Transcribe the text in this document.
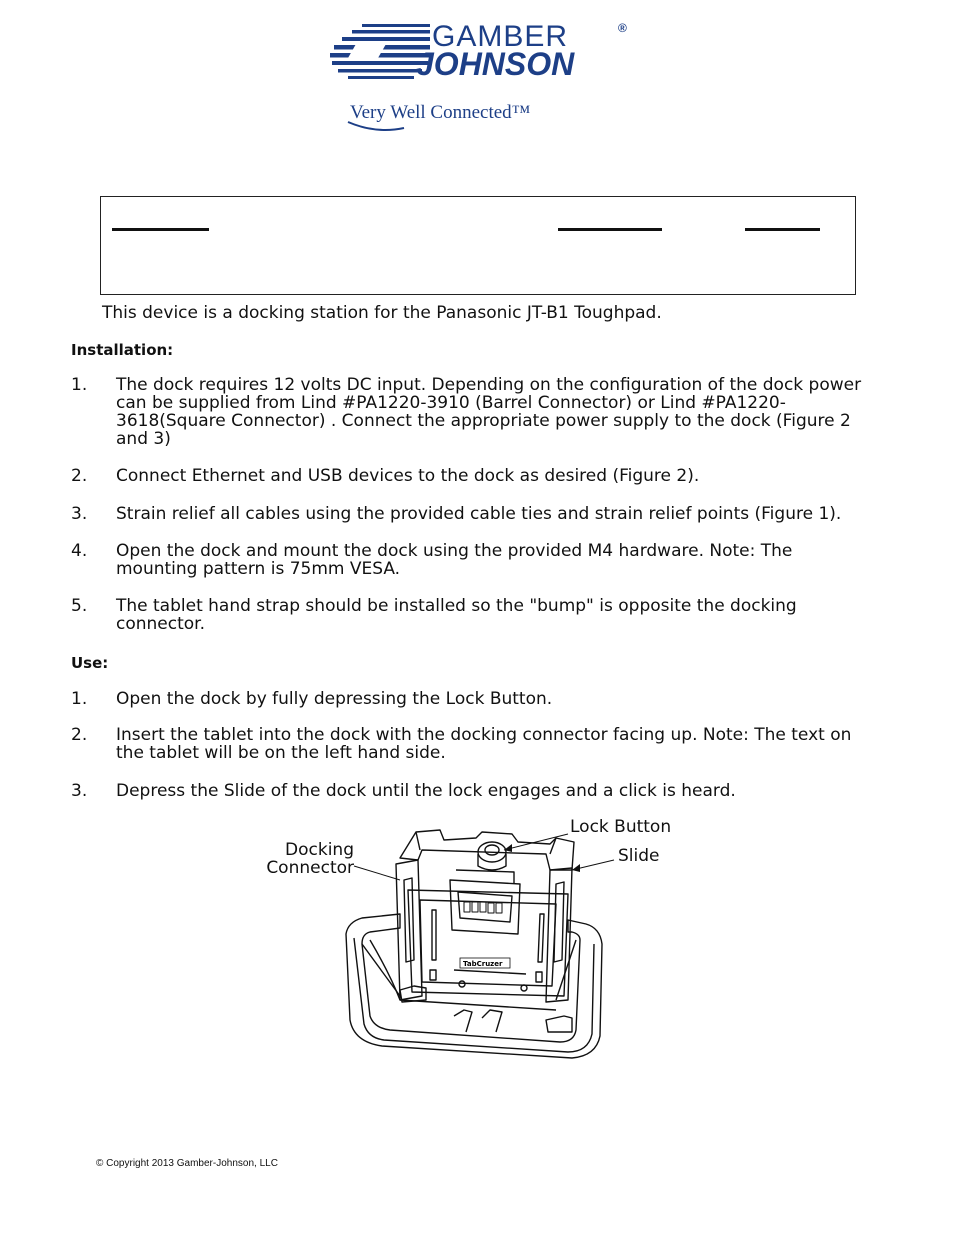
GAMBER	®
JOHNSON
Very Well Connected™
This device is a docking station for the Panasonic JT-B1 Toughpad.
Installation:
1. The dock requires 12 volts DC input. Depending on the configuration of the dock power
can be supplied from Lind #PA1220-3910 (Barrel Connector) or Lind #PA1220-
3618(Square Connector) . Connect the appropriate power supply to the dock (Figure 2
and 3)
2. Connect Ethernet and USB devices to the dock as desired (Figure 2).
3. Strain relief all cables using the provided cable ties and strain relief points (Figure 1).
4. Open the dock and mount the dock using the provided M4 hardware. Note: The
mounting pattern is 75mm VESA.
5. The tablet hand strap should be installed so the "bump" is opposite the docking
connector.
Use:
1. Open the dock by fully depressing the Lock Button.
2. Insert the tablet into the dock with the docking connector facing up. Note: The text on
the tablet will be on the left hand side.
3. Depress the Slide of the dock until the lock engages and a click is heard.
TabCruzer
Lock Button
Slide
Docking
Connector
© Copyright 2013 Gamber-Johnson, LLC
